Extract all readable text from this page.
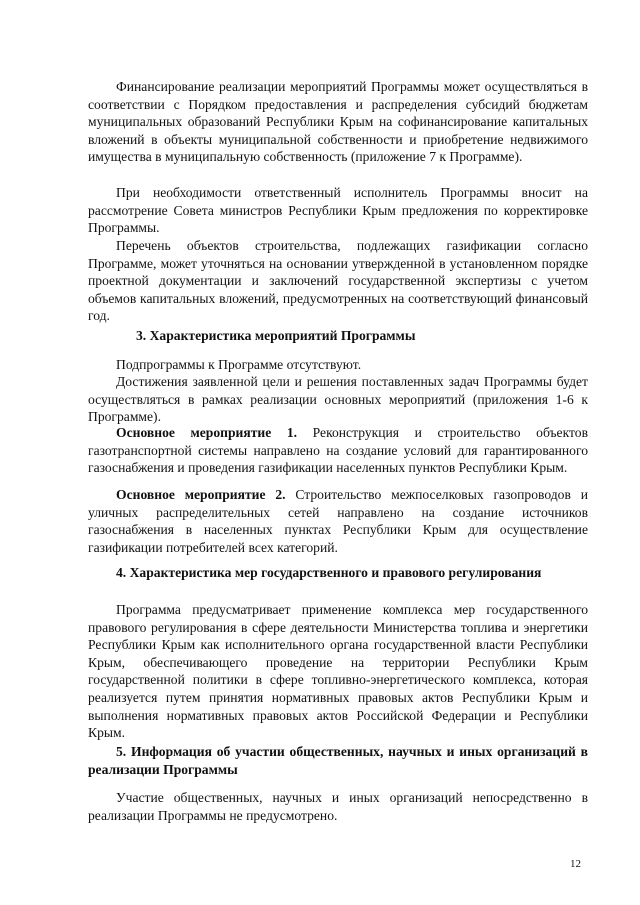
Финансирование реализации мероприятий Программы может осуществляться в соответствии с Порядком предоставления и распределения субсидий бюджетам муниципальных образований Республики Крым на софинансирование капитальных вложений в объекты муниципальной собственности и приобретение недвижимого имущества в муниципальную собственность (приложение 7 к Программе).

При необходимости ответственный исполнитель Программы вносит на рассмотрение Совета министров Республики Крым предложения по корректировке Программы.

Перечень объектов строительства, подлежащих газификации согласно Программе, может уточняться на основании утвержденной в установленном порядке проектной документации и заключений государственной экспертизы с учетом объемов капитальных вложений, предусмотренных на соответствующий финансовый год.

3. Характеристика мероприятий Программы

Подпрограммы к Программе отсутствуют.

Достижения заявленной цели и решения поставленных задач Программы будет осуществляться в рамках реализации основных мероприятий (приложения 1-6 к Программе).

Основное мероприятие 1. Реконструкция и строительство объектов газотранспортной системы направлено на создание условий для гарантированного газоснабжения и проведения газификации населенных пунктов Республики Крым.

Основное мероприятие 2. Строительство межпоселковых газопроводов и уличных распределительных сетей направлено на создание источников газоснабжения в населенных пунктах Республики Крым для осуществление газификации потребителей всех категорий.

4. Характеристика мер государственного и правового регулирования

Программа предусматривает применение комплекса мер государственного правового регулирования в сфере деятельности Министерства топлива и энергетики Республики Крым как исполнительного органа государственной власти Республики Крым, обеспечивающего проведение на территории Республики Крым государственной политики в сфере топливно-энергетического комплекса, которая реализуется путем принятия нормативных правовых актов Республики Крым и выполнения нормативных правовых актов Российской Федерации и Республики Крым.

5. Информация об участии общественных, научных и иных организаций в реализации Программы

Участие общественных, научных и иных организаций непосредственно в реализации Программы не предусмотрено.

12
